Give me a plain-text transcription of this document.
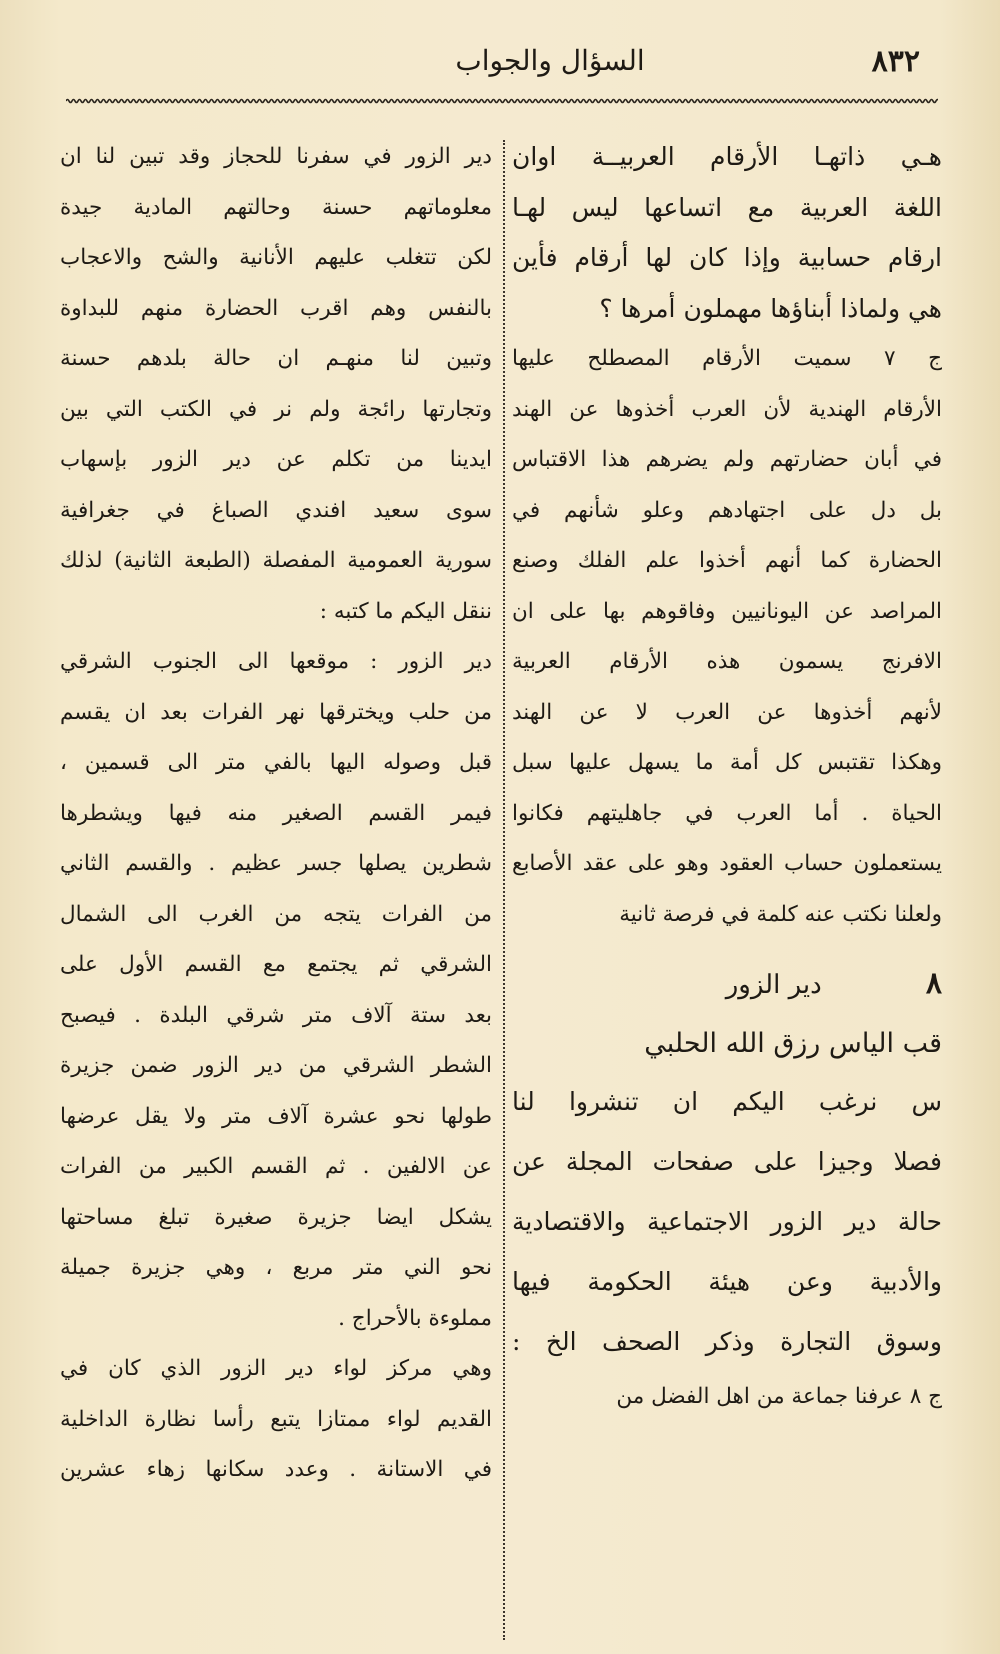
٨٣٢
السؤال والجواب
هـي ذاتهـا الأرقام العربيــة اوان
اللغة العربية مع اتساعها ليس لهـا
ارقام حسابية وإذا كان لها أرقام فأين
هي ولماذا أبناؤها مهملون أمرها ؟
ج ٧ سميت الأرقام المصطلح عليها
الأرقام الهندية لأن العرب أخذوها عن الهند
في أبان حضارتهم ولم يضرهم هذا الاقتباس
بل دل على اجتهادهم وعلو شأنهم في
الحضارة كما أنهم أخذوا علم الفلك وصنع
المراصد عن اليونانيين وفاقوهم بها على ان
الافرنج يسمون هذه الأرقام العربية
لأنهم أخذوها عن العرب لا عن الهند
وهكذا تقتبس كل أمة ما يسهل عليها سبل
الحياة . أما العرب في جاهليتهم فكانوا
يستعملون حساب العقود وهو على عقد الأصابع
ولعلنا نكتب عنه كلمة في فرصة ثانية
٨ دير الزور
قب الياس رزق الله الحلبي
س نرغب اليكم ان تنشروا لنا
فصلا وجيزا على صفحات المجلة عن
حالة دير الزور الاجتماعية والاقتصادية
والأدبية وعن هيئة الحكومة فيها
وسوق التجارة وذكر الصحف الخ :
ج ٨ عرفنا جماعة من اهل الفضل من
دير الزور في سفرنا للحجاز وقد تبين لنا ان
معلوماتهم حسنة وحالتهم المادية جيدة
لكن تتغلب عليهم الأنانية والشح والاعجاب
بالنفس وهم اقرب الحضارة منهم للبداوة
وتبين لنا منهـم ان حالة بلدهم حسنة
وتجارتها رائجة ولم نر في الكتب التي بين
ايدينا من تكلم عن دير الزور بإسهاب
سوى سعيد افندي الصباغ في جغرافية
سورية العمومية المفصلة (الطبعة الثانية) لذلك
ننقل اليكم ما كتبه :
دير الزور : موقعها الى الجنوب الشرقي
من حلب ويخترقها نهر الفرات بعد ان يقسم
قبل وصوله اليها بالفي متر الى قسمين ،
فيمر القسم الصغير منه فيها ويشطرها
شطرين يصلها جسر عظيم . والقسم الثاني
من الفرات يتجه من الغرب الى الشمال
الشرقي ثم يجتمع مع القسم الأول على
بعد ستة آلاف متر شرقي البلدة . فيصبح
الشطر الشرقي من دير الزور ضمن جزيرة
طولها نحو عشرة آلاف متر ولا يقل عرضها
عن الالفين . ثم القسم الكبير من الفرات
يشكل ايضا جزيرة صغيرة تبلغ مساحتها
نحو الني متر مربع ، وهي جزيرة جميلة
مملوءة بالأحراج .
وهي مركز لواء دير الزور الذي كان في
القديم لواء ممتازا يتبع رأسا نظارة الداخلية
في الاستانة . وعدد سكانها زهاء عشرين
